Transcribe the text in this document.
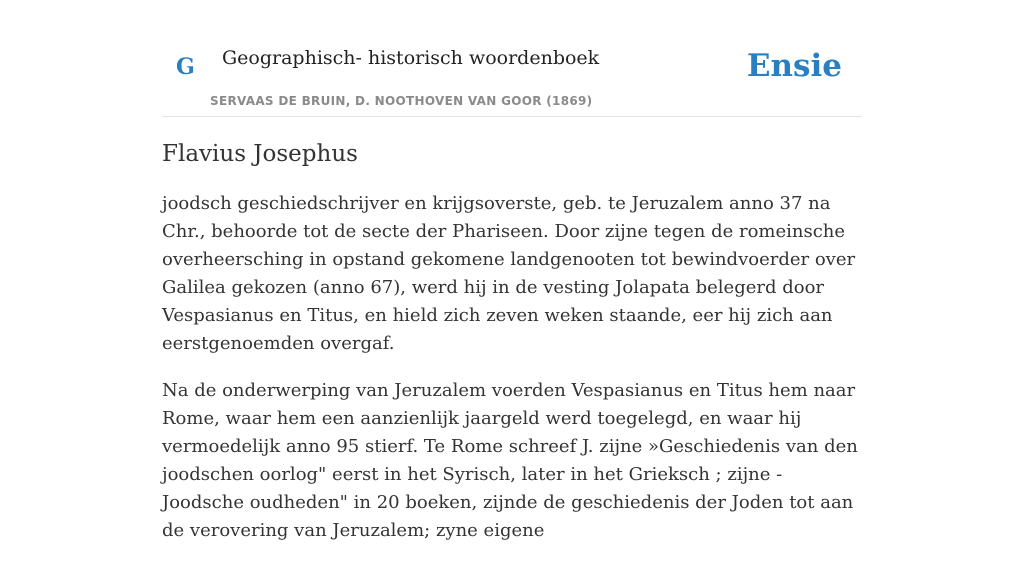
G Geographisch- historisch woordenboek
SERVAAS DE BRUIN, D. NOOTHOVEN VAN GOOR (1869)
Ensie
Flavius Josephus

joodsch geschiedschrijver en krijgsoverste, geb. te Jeruzalem anno 37 na Chr., behoorde tot de secte der Phariseen. Door zijne tegen de romeinsche overheersching in opstand gekomene landgenooten tot bewindvoerder over Galilea gekozen (anno 67), werd hij in de vesting Jolapata belegerd door Vespasianus en Titus, en hield zich zeven weken staande, eer hij zich aan eerstgenoemden overgaf.

Na de onderwerping van Jeruzalem voerden Vespasianus en Titus hem naar Rome, waar hem een aanzienlijk jaargeld werd toegelegd, en waar hij vermoedelijk anno 95 stierf. Te Rome schreef J. zijne »Geschiedenis van den joodschen oorlog" eerst in het Syrisch, later in het Grieksch ; zijne -Joodsche oudheden" in 20 boeken, zijnde de geschiedenis der Joden tot aan de verovering van Jeruzalem; zyne eigene
